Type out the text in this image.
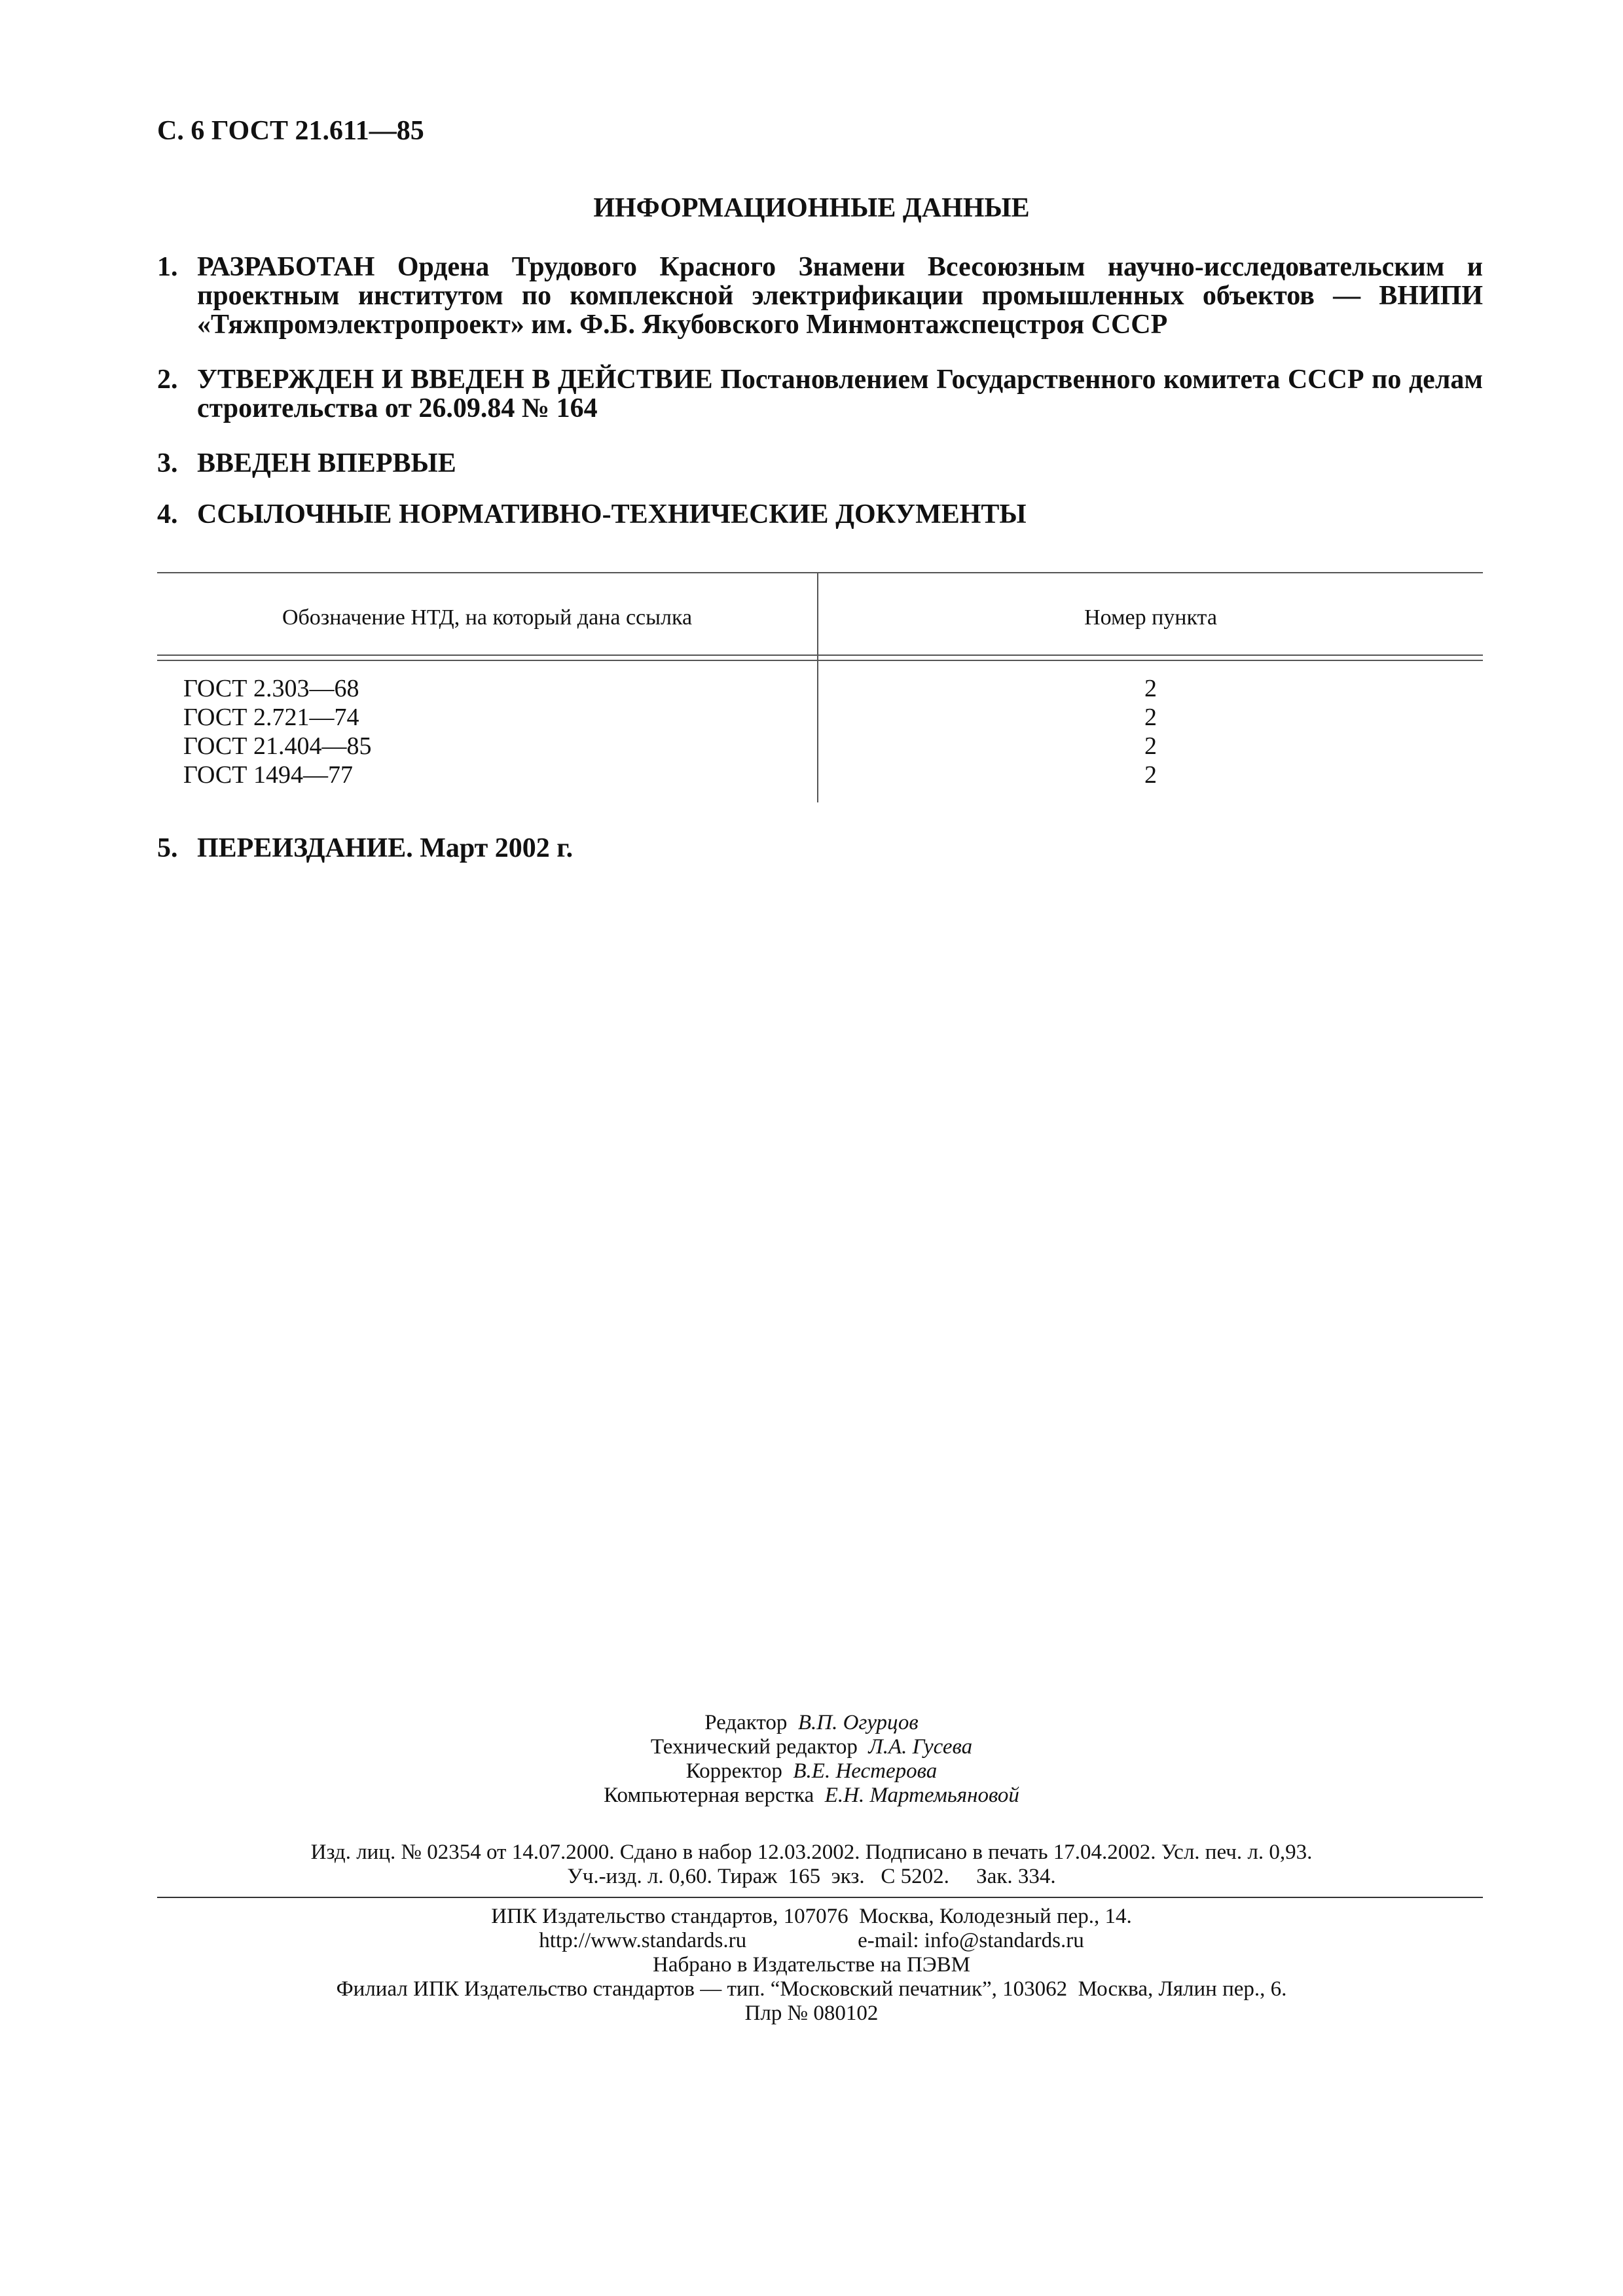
С. 6 ГОСТ 21.611—85
ИНФОРМАЦИОННЫЕ ДАННЫЕ
1. РАЗРАБОТАН Ордена Трудового Красного Знамени Всесоюзным научно-исследовательским и проектным институтом по комплексной электрификации промышленных объектов — ВНИПИ «Тяжпромэлектропроект» им. Ф.Б. Якубовского Минмонтажспецстроя СССР
2. УТВЕРЖДЕН И ВВЕДЕН В ДЕЙСТВИЕ Постановлением Государственного комитета СССР по делам строительства от 26.09.84 № 164
3. ВВЕДЕН ВПЕРВЫЕ
4. ССЫЛОЧНЫЕ НОРМАТИВНО-ТЕХНИЧЕСКИЕ ДОКУМЕНТЫ
Обозначение НТД, на который дана ссылка	Номер пункта
ГОСТ 2.303—68	2
ГОСТ 2.721—74	2
ГОСТ 21.404—85	2
ГОСТ 1494—77	2
5. ПЕРЕИЗДАНИЕ. Март 2002 г.
Редактор В.П. Огурцов
Технический редактор Л.А. Гусева
Корректор В.Е. Нестерова
Компьютерная верстка Е.Н. Мартемьяновой
Изд. лиц. № 02354 от 14.07.2000. Сдано в набор 12.03.2002. Подписано в печать 17.04.2002. Усл. печ. л. 0,93.
Уч.-изд. л. 0,60. Тираж  165  экз.   С 5202.     Зак. 334.
ИПК Издательство стандартов, 107076  Москва, Колодезный пер., 14.
http://www.standards.ru	e-mail: info@standards.ru
Набрано в Издательстве на ПЭВМ
Филиал ИПК Издательство стандартов — тип. “Московский печатник”, 103062  Москва, Лялин пер., 6.
Плр № 080102
